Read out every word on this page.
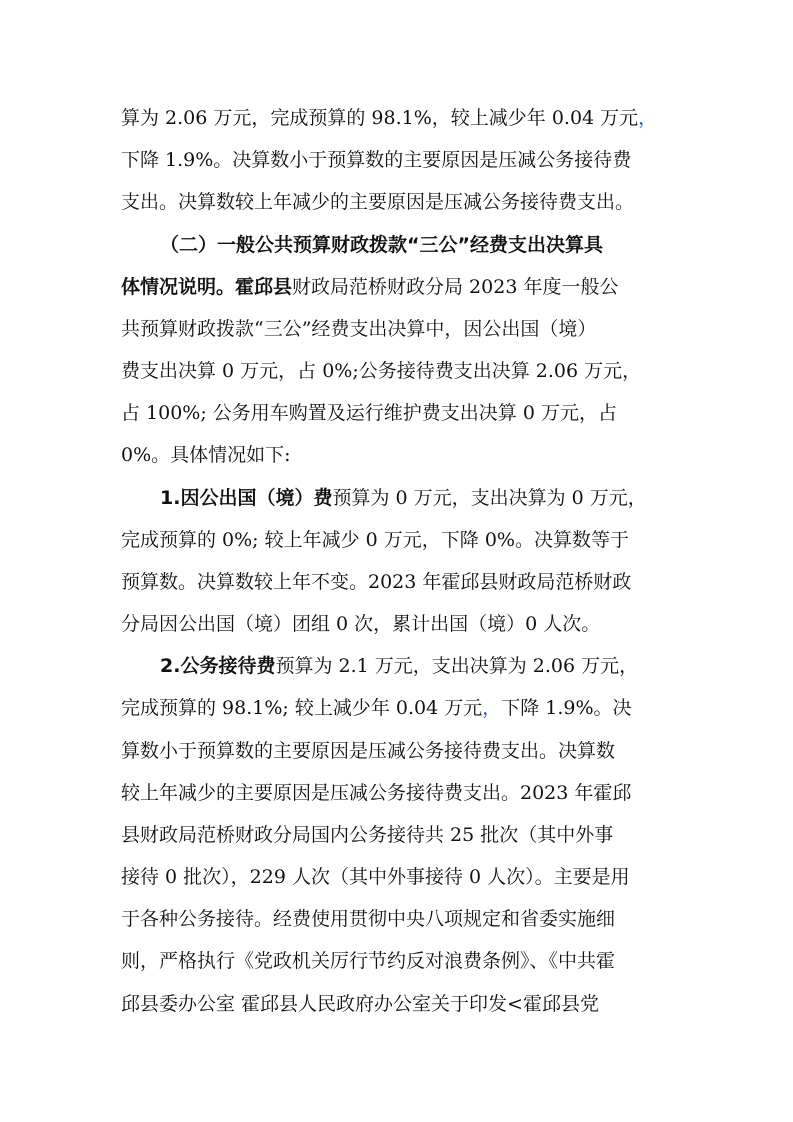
算为 2.06 万元，完成预算的 98.1%，较上减少年 0.04 万元，
下降 1.9%。决算数小于预算数的主要原因是压减公务接待费
支出。决算数较上年减少的主要原因是压减公务接待费支出。
（二）一般公共预算财政拨款“三公”经费支出决算具
体情况说明。霍邱县财政局范桥财政分局 2023 年度一般公
共预算财政拨款“三公”经费支出决算中，因公出国（境）
费支出决算 0 万元，占 0%;公务接待费支出决算 2.06 万元，
占 100%; 公务用车购置及运行维护费支出决算 0 万元，占
0%。具体情况如下:
1.因公出国（境）费预算为 0 万元，支出决算为 0 万元，
完成预算的 0%; 较上年减少 0 万元，下降 0%。决算数等于
预算数。决算数较上年不变。2023 年霍邱县财政局范桥财政
分局因公出国（境）团组 0 次，累计出国（境）0 人次。
2.公务接待费预算为 2.1 万元，支出决算为 2.06 万元，
完成预算的 98.1%; 较上减少年 0.04 万元，下降 1.9%。决
算数小于预算数的主要原因是压减公务接待费支出。决算数
较上年减少的主要原因是压减公务接待费支出。2023 年霍邱
县财政局范桥财政分局国内公务接待共 25 批次（其中外事
接待 0 批次），229 人次（其中外事接待 0 人次）。主要是用
于各种公务接待。经费使用贯彻中央八项规定和省委实施细
则，严格执行《党政机关厉行节约反对浪费条例》、《中共霍
邱县委办公室 霍邱县人民政府办公室关于印发<霍邱县党
